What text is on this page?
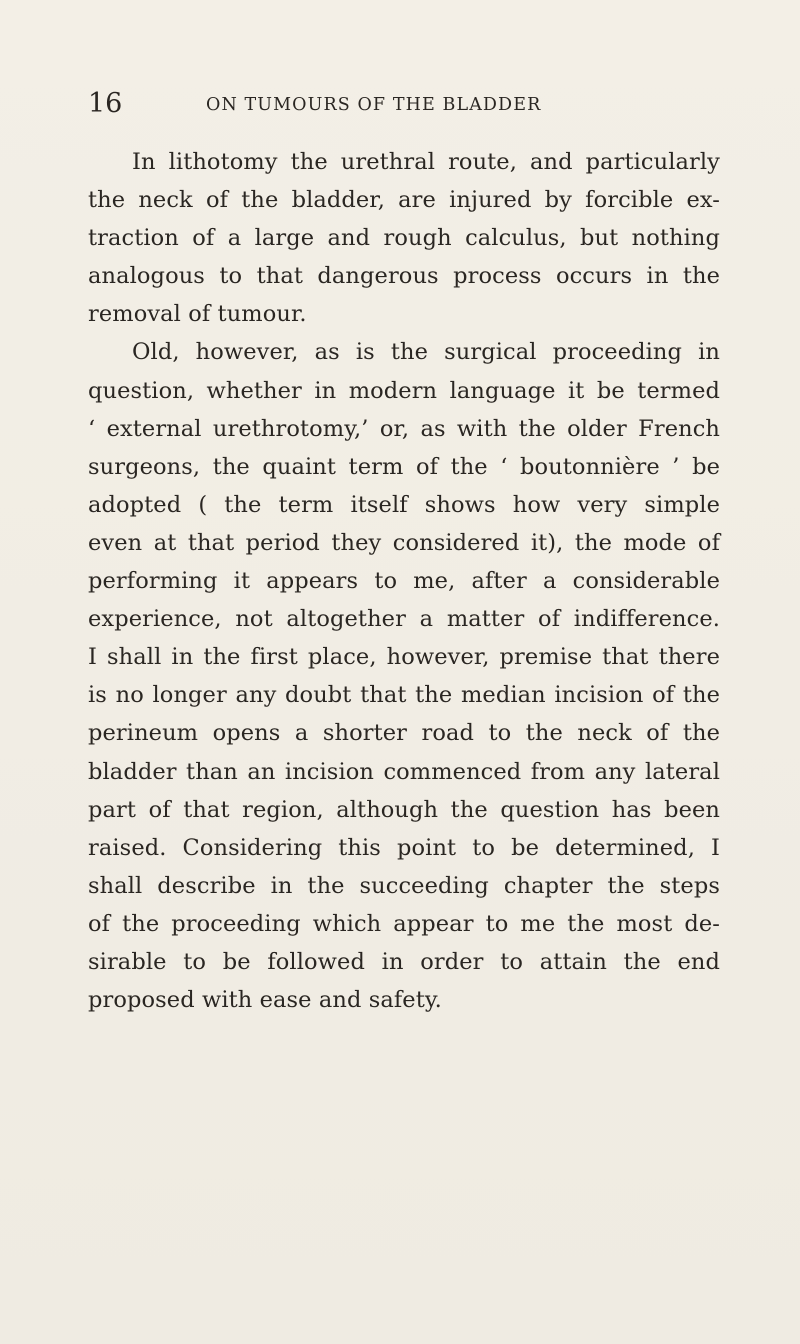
16	ON TUMOURS OF THE BLADDER
In lithotomy the urethral route, and particularly
the neck of the bladder, are injured by forcible ex-
traction of a large and rough calculus, but nothing
analogous to that dangerous process occurs in the
removal of tumour.
Old, however, as is the surgical proceeding in
question, whether in modern language it be termed
‘ external urethrotomy,’ or, as with the older French
surgeons, the quaint term of the ‘ boutonnière ’ be
adopted ( the term itself shows how very simple
even at that period they considered it), the mode of
performing it appears to me, after a considerable
experience, not altogether a matter of indifference.
I shall in the first place, however, premise that there
is no longer any doubt that the median incision of the
perineum opens a shorter road to the neck of the
bladder than an incision commenced from any lateral
part of that region, although the question has been
raised. Considering this point to be determined, I
shall describe in the succeeding chapter the steps
of the proceeding which appear to me the most de-
sirable to be followed in order to attain the end
proposed with ease and safety.
